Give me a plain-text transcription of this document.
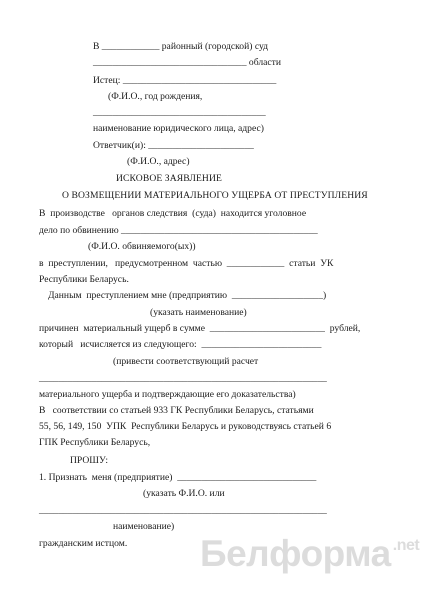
В ____________ районный (городской) суд
________________________________ области
Истец: ________________________________
(Ф.И.О., год рождения,
____________________________________
наименование юридического лица, адрес)
Ответчик(и): ______________________
(Ф.И.О., адрес)
ИСКОВОЕ ЗАЯВЛЕНИЕ
О ВОЗМЕЩЕНИИ МАТЕРИАЛЬНОГО УЩЕРБА ОТ ПРЕСТУПЛЕНИЯ
В  производстве   органов следствия  (суда)  находится уголовное
дело по обвинению _________________________________________
(Ф.И.О. обвиняемого(ых))
в  преступлении,   предусмотренном  частью  ____________  статьи  УК
Республики Беларусь.
Данным  преступлением мне (предприятию  ___________________)
(указать наименование)
причинен  материальный ущерб в сумме  ________________________  рублей,
который   исчисляется из следующего:  _________________________
(привести соответствующий расчет
____________________________________________________________
материального ущерба и подтверждающие его доказательства)
В   соответствии со статьей 933 ГК Республики Беларусь, статьями
55, 56, 149, 150  УПК  Республики Беларусь и руководствуясь статьей 6
ГПК Республики Беларусь,
ПРОШУ:
1. Признать  меня (предприятие)  _____________________________
(указать Ф.И.О. или
____________________________________________________________
наименование)
гражданским истцом. Белформа $^{.net}$
